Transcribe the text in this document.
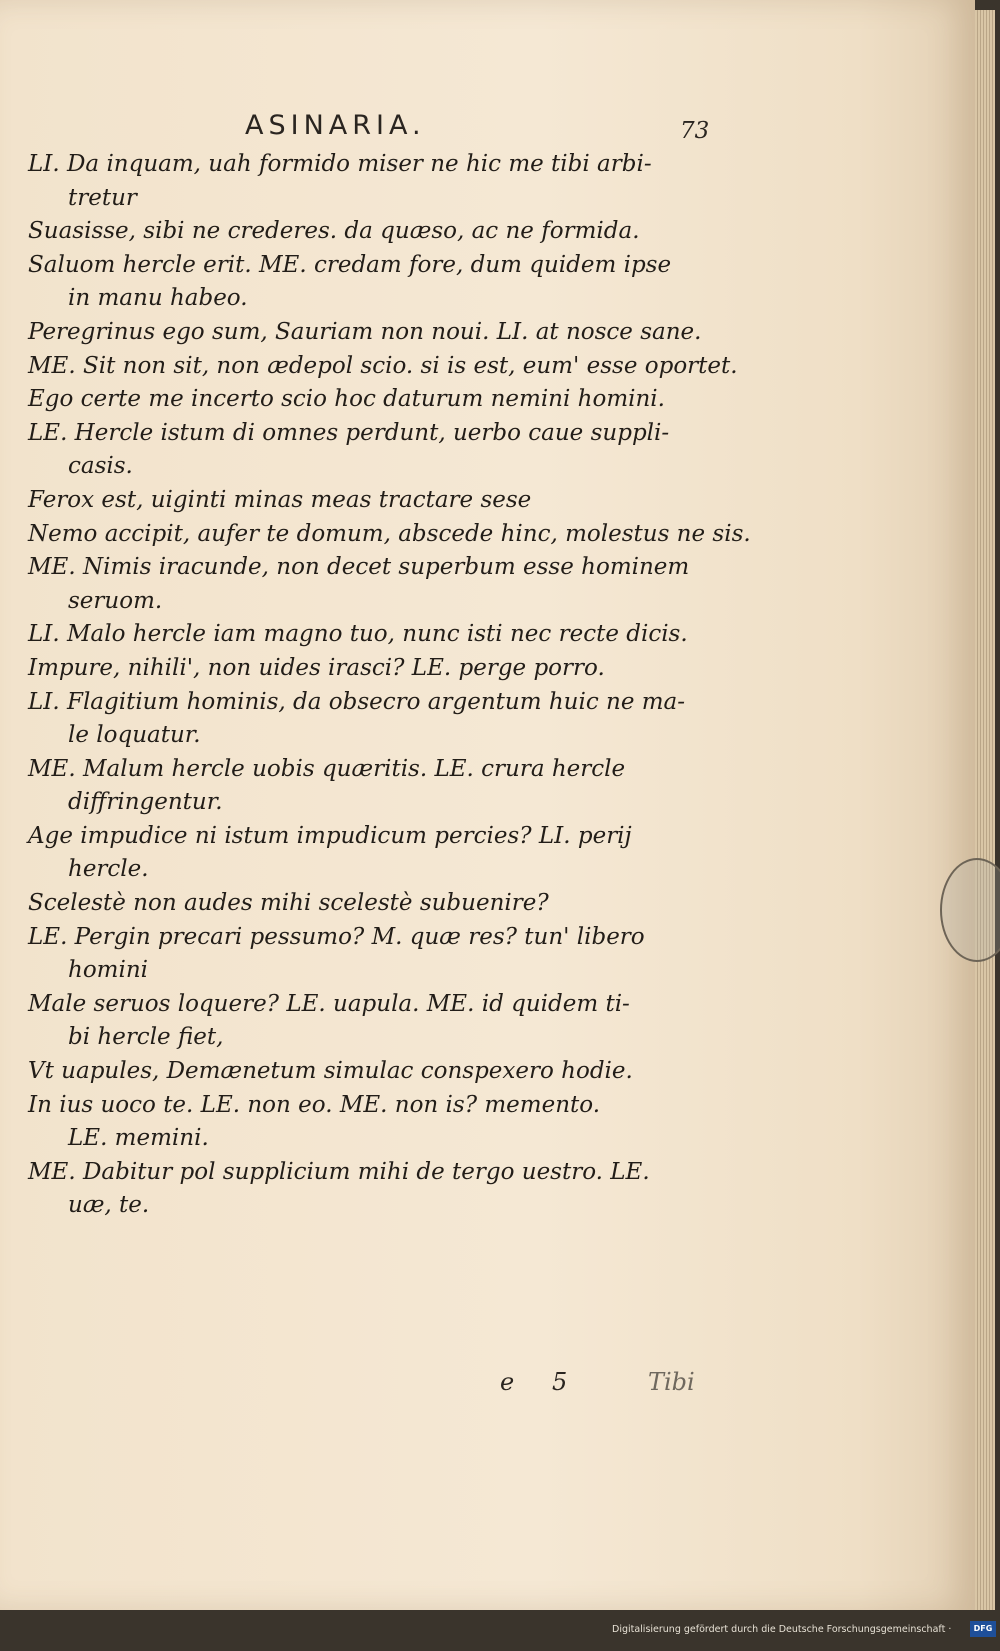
ASINARIA.	73
LI. Da inquam, uah formido miser ne hic me tibi arbi-
tretur
Suasisse, sibi ne crederes. da quæso, ac ne formida.
Saluom hercle erit. ME. credam fore, dum quidem ipse
in manu habeo.
Peregrinus ego sum, Sauriam non noui. LI. at nosce sane.
ME. Sit non sit, non ædepol scio. si is est, eum' esse oportet.
Ego certe me incerto scio hoc daturum nemini homini.
LE. Hercle istum di omnes perdunt, uerbo caue suppli-
casis.
Ferox est, uiginti minas meas tractare sese
Nemo accipit, aufer te domum, abscede hinc, molestus ne sis.
ME. Nimis iracunde, non decet superbum esse hominem
seruom.
LI. Malo hercle iam magno tuo, nunc isti nec recte dicis.
Impure, nihili', non uides irasci? LE. perge porro.
LI. Flagitium hominis, da obsecro argentum huic ne ma-
le loquatur.
ME. Malum hercle uobis quæritis. LE. crura hercle
diffringentur.
Age impudice ni istum impudicum percies? LI. perij
hercle.
Scelestè non audes mihi scelestè subuenire?
LE. Pergin precari pessumo? M. quæ res? tun' libero
homini
Male seruos loquere? LE. uapula. ME. id quidem ti-
bi hercle fiet,
Vt uapules, Demænetum simulac conspexero hodie.
In ius uoco te. LE. non eo. ME. non is? memento.
LE. memini.
ME. Dabitur pol supplicium mihi de tergo uestro. LE.
uæ, te.
e 5	Tibi
Digitalisierung gefördert durch die Deutsche Forschungsgemeinschaft ·	DFG
